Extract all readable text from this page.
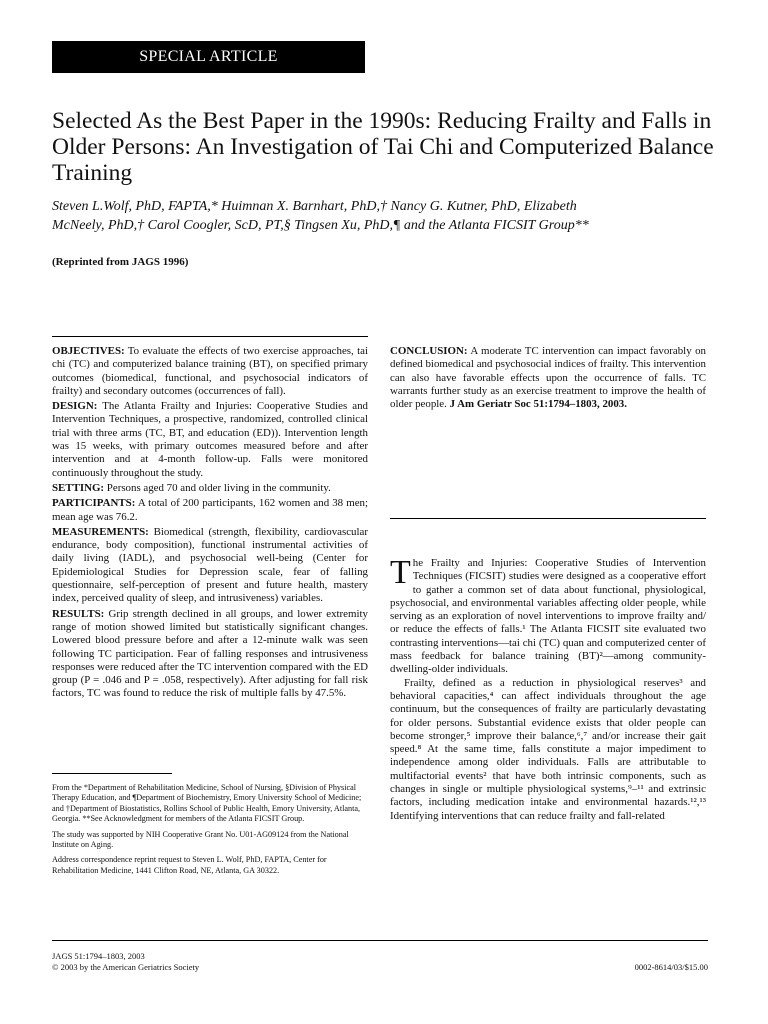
SPECIAL ARTICLE
Selected As the Best Paper in the 1990s: Reducing Frailty and Falls in Older Persons: An Investigation of Tai Chi and Computerized Balance Training
Steven L.Wolf, PhD, FAPTA,* Huimnan X. Barnhart, PhD,† Nancy G. Kutner, PhD, Elizabeth
McNeely, PhD,† Carol Coogler, ScD, PT,§ Tingsen Xu, PhD,¶ and the Atlanta FICSIT Group**
(Reprinted from JAGS 1996)

OBJECTIVES: To evaluate the effects of two exercise approaches, tai chi (TC) and computerized balance training (BT), on specified primary outcomes (biomedical, functional, and psychosocial indicators of frailty) and secondary outcomes (occurrences of fall).

DESIGN: The Atlanta Frailty and Injuries: Cooperative Studies and Intervention Techniques, a prospective, randomized, controlled clinical trial with three arms (TC, BT, and education (ED)). Intervention length was 15 weeks, with primary outcomes measured before and after intervention and at 4-month follow-up. Falls were monitored continuously throughout the study.

SETTING: Persons aged 70 and older living in the community.

PARTICIPANTS: A total of 200 participants, 162 women and 38 men; mean age was 76.2.

MEASUREMENTS: Biomedical (strength, flexibility, cardiovascular endurance, body composition), functional instrumental activities of daily living (IADL), and psychosocial well-being (Center for Epidemiological Studies for Depression scale, fear of falling questionnaire, self-perception of present and future health, mastery index, perceived quality of sleep, and intrusiveness) variables.

RESULTS: Grip strength declined in all groups, and lower extremity range of motion showed limited but statistically significant changes. Lowered blood pressure before and after a 12-minute walk was seen following TC participation. Fear of falling responses and intrusiveness responses were reduced after the TC intervention compared with the ED group (P = .046 and P = .058, respectively). After adjusting for fall risk factors, TC was found to reduce the risk of multiple falls by 47.5%.

CONCLUSION: A moderate TC intervention can impact favorably on defined biomedical and psychosocial indices of frailty. This intervention can also have favorable effects upon the occurrence of falls. TC warrants further study as an exercise treatment to improve the health of older people. J Am Geriatr Soc 51:1794–1803, 2003.

The Frailty and Injuries: Cooperative Studies of Intervention Techniques (FICSIT) studies were designed as a cooperative effort to gather a common set of data about functional, physiological, psychosocial, and environmental variables affecting older people, while serving as an exploration of novel interventions to improve frailty and/ or reduce the effects of falls.¹ The Atlanta FICSIT site evaluated two contrasting interventions—tai chi (TC) quan and computerized center of mass feedback for balance training (BT)²—among community-dwelling-older individuals.

Frailty, defined as a reduction in physiological reserves³ and behavioral capacities,⁴ can affect individuals throughout the age continuum, but the consequences of frailty are particularly devastating for older persons. Substantial evidence exists that older people can become stronger,⁵ improve their balance,⁶,⁷ and/or increase their gait speed.⁸ At the same time, falls constitute a major impediment to independence among older individuals. Falls are attributable to multifactorial events² that have both intrinsic components, such as changes in single or multiple physiological systems,⁹–¹¹ and extrinsic factors, including medication intake and environmental hazards.¹²,¹³ Identifying interventions that can reduce frailty and fall-related

From the *Department of Rehabilitation Medicine, School of Nursing, §Division of Physical Therapy Education, and ¶Department of Biochemistry, Emory University School of Medicine; and †Department of Biostatistics, Rollins School of Public Health, Emory University, Atlanta, Georgia. **See Acknowledgment for members of the Atlanta FICSIT Group.

The study was supported by NIH Cooperative Grant No. U01-AG09124 from the National Institute on Aging.

Address correspondence reprint request to Steven L. Wolf, PhD, FAPTA, Center for Rehabilitation Medicine, 1441 Clifton Road, NE, Atlanta, GA 30322.

JAGS 51:1794–1803, 2003
© 2003 by the American Geriatrics Society	0002-8614/03/$15.00
